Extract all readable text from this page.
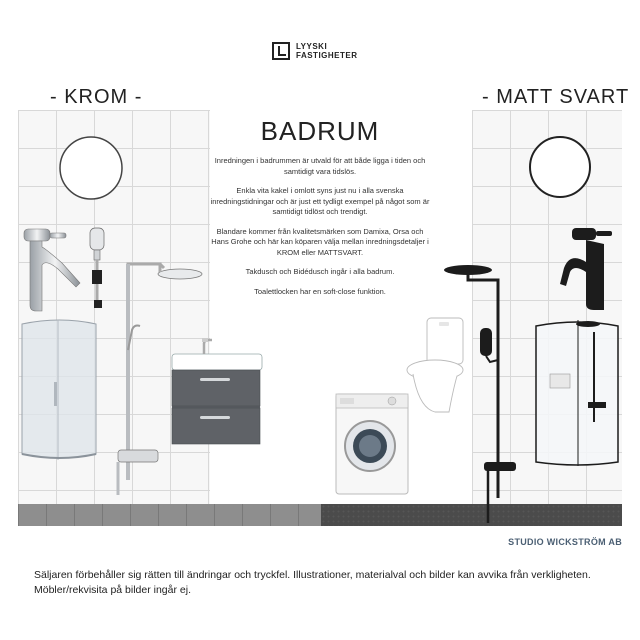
LYYSKI
FASTIGHETER
- KROM -	- MATT SVART
BADRUM

Inredningen i badrummen är utvald för att både ligga i tiden och samtidigt vara tidslös.

Enkla vita kakel i omlott syns just nu i alla svenska inredningstidningar och är just ett tydligt exempel på något som är samtidigt tidlöst och trendigt.

Blandare kommer från kvalitetsmärken som Damixa, Orsa och Hans Grohe och här kan köparen välja mellan inredningsdetaljer i KROM eller MATTSVART.

Takdusch och Bidédusch ingår i alla badrum.

Toalettlocken har en soft-close funktion.

STUDIO WICKSTRÖM AB

Säljaren förbehåller sig rätten till ändringar och tryckfel. Illustrationer, materialval och bilder kan avvika från verkligheten.

Möbler/rekvisita på bilder ingår ej.
